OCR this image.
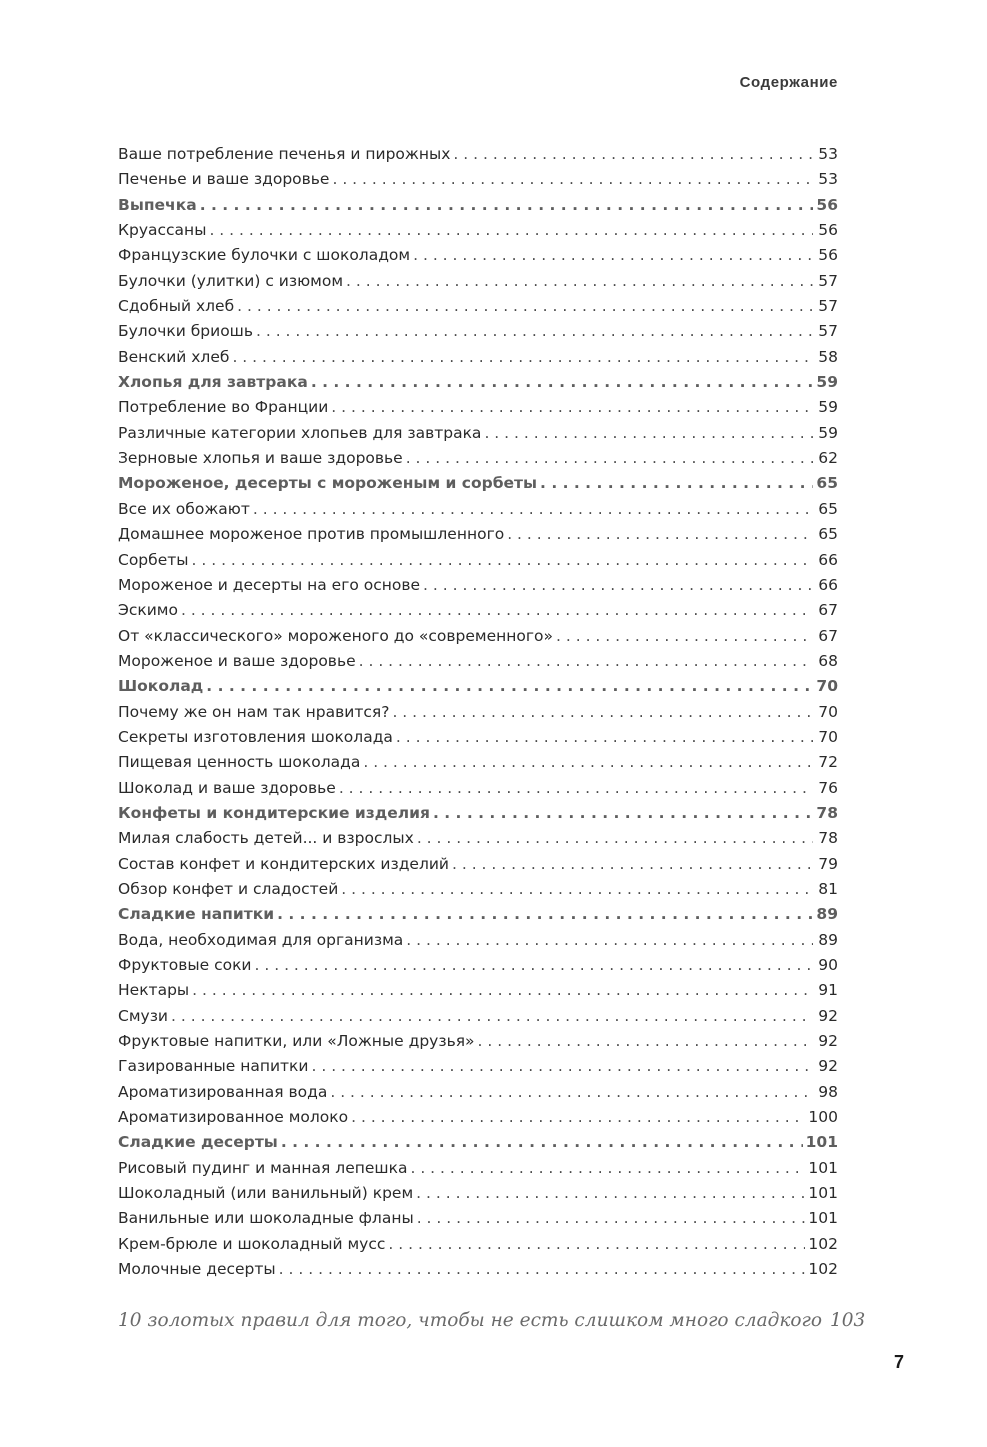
Содержание
Ваше потребление печенья и пирожных . . .	53
Печенье и ваше здоровье . . .	53
Выпечка . . .	56
Круассаны . . .	56
Французские булочки с шоколадом . . .	56
Булочки (улитки) с изюмом . . .	57
Сдобный хлеб . . .	57
Булочки бриошь . . .	57
Венский хлеб . . .	58
Хлопья для завтрака . . .	59
Потребление во Франции . . .	59
Различные категории хлопьев для завтрака . . .	59
Зерновые хлопья и ваше здоровье . . .	62
Мороженое, десерты с мороженым и сорбеты . . .	65
Все их обожают . . .	65
Домашнее мороженое против промышленного . . .	65
Сорбеты . . .	66
Мороженое и десерты на его основе . . .	66
Эскимо . . .	67
От «классического» мороженого до «современного» . . .	67
Мороженое и ваше здоровье . . .	68
Шоколад . . .	70
Почему же он нам так нравится? . . .	70
Секреты изготовления шоколада . . .	70
Пищевая ценность шоколада . . .	72
Шоколад и ваше здоровье . . .	76
Конфеты и кондитерские изделия . . .	78
Милая слабость детей... и взрослых . . .	78
Состав конфет и кондитерских изделий . . .	79
Обзор конфет и сладостей . . .	81
Сладкие напитки . . .	89
Вода, необходимая для организма . . .	89
Фруктовые соки . . .	90
Нектары . . .	91
Смузи . . .	92
Фруктовые напитки, или «Ложные друзья» . . .	92
Газированные напитки . . .	92
Ароматизированная вода . . .	98
Ароматизированное молоко . . .	100
Сладкие десерты . . .	101
Рисовый пудинг и манная лепешка . . .	101
Шоколадный (или ванильный) крем . . .	101
Ванильные или шоколадные фланы . . .	101
Крем-брюле и шоколадный мусс . . .	102
Молочные десерты . . .	102
10 золотых правил для того, чтобы не есть слишком много сладкого 103
7
